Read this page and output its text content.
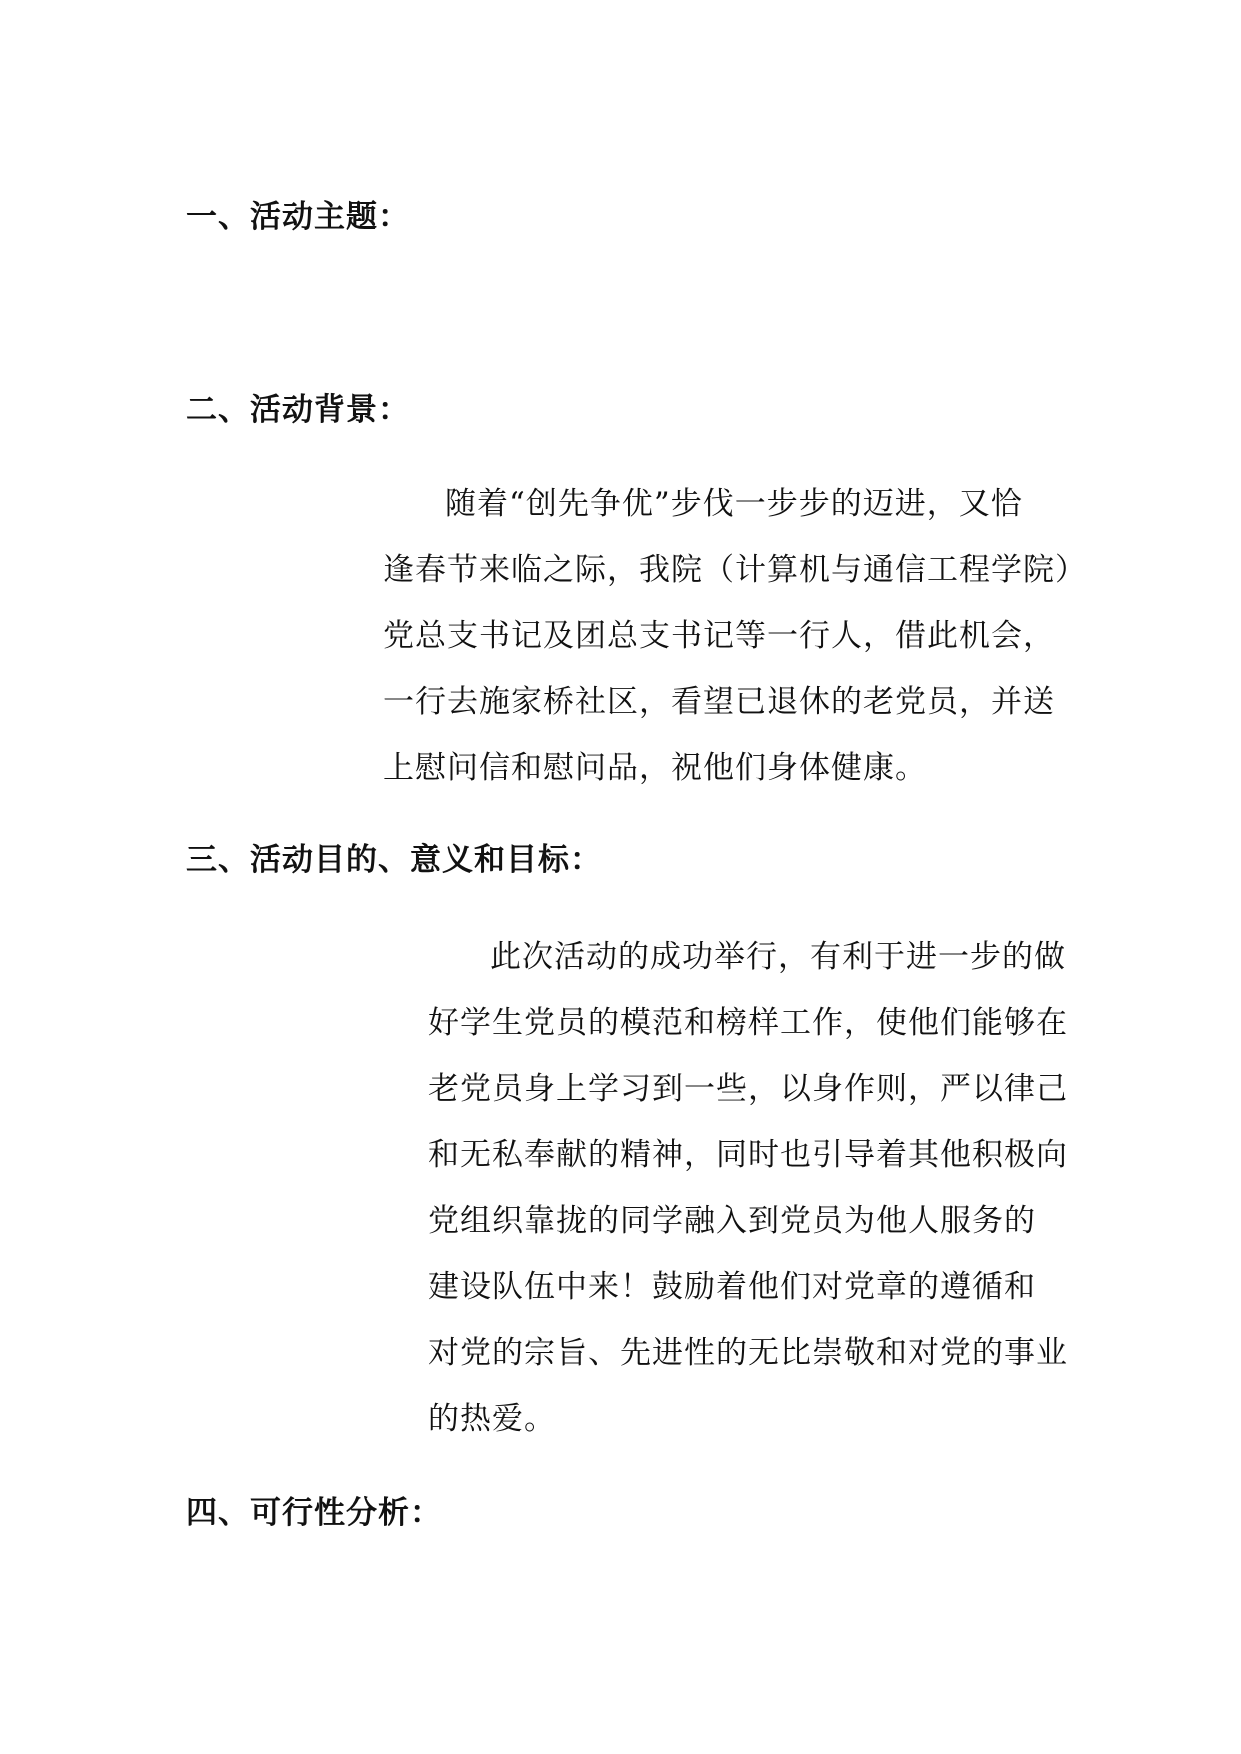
一、活动主题：
二、活动背景：
随着“创先争优”步伐一步步的迈进，又恰
逢春节来临之际，我院（计算机与通信工程学院）
党总支书记及团总支书记等一行人，借此机会，
一行去施家桥社区，看望已退休的老党员，并送
上慰问信和慰问品，祝他们身体健康。
三、活动目的、意义和目标：
此次活动的成功举行，有利于进一步的做
好学生党员的模范和榜样工作，使他们能够在
老党员身上学习到一些，以身作则，严以律己
和无私奉献的精神，同时也引导着其他积极向
党组织靠拢的同学融入到党员为他人服务的
建设队伍中来！鼓励着他们对党章的遵循和
对党的宗旨、先进性的无比崇敬和对党的事业
的热爱。
四、可行性分析：
